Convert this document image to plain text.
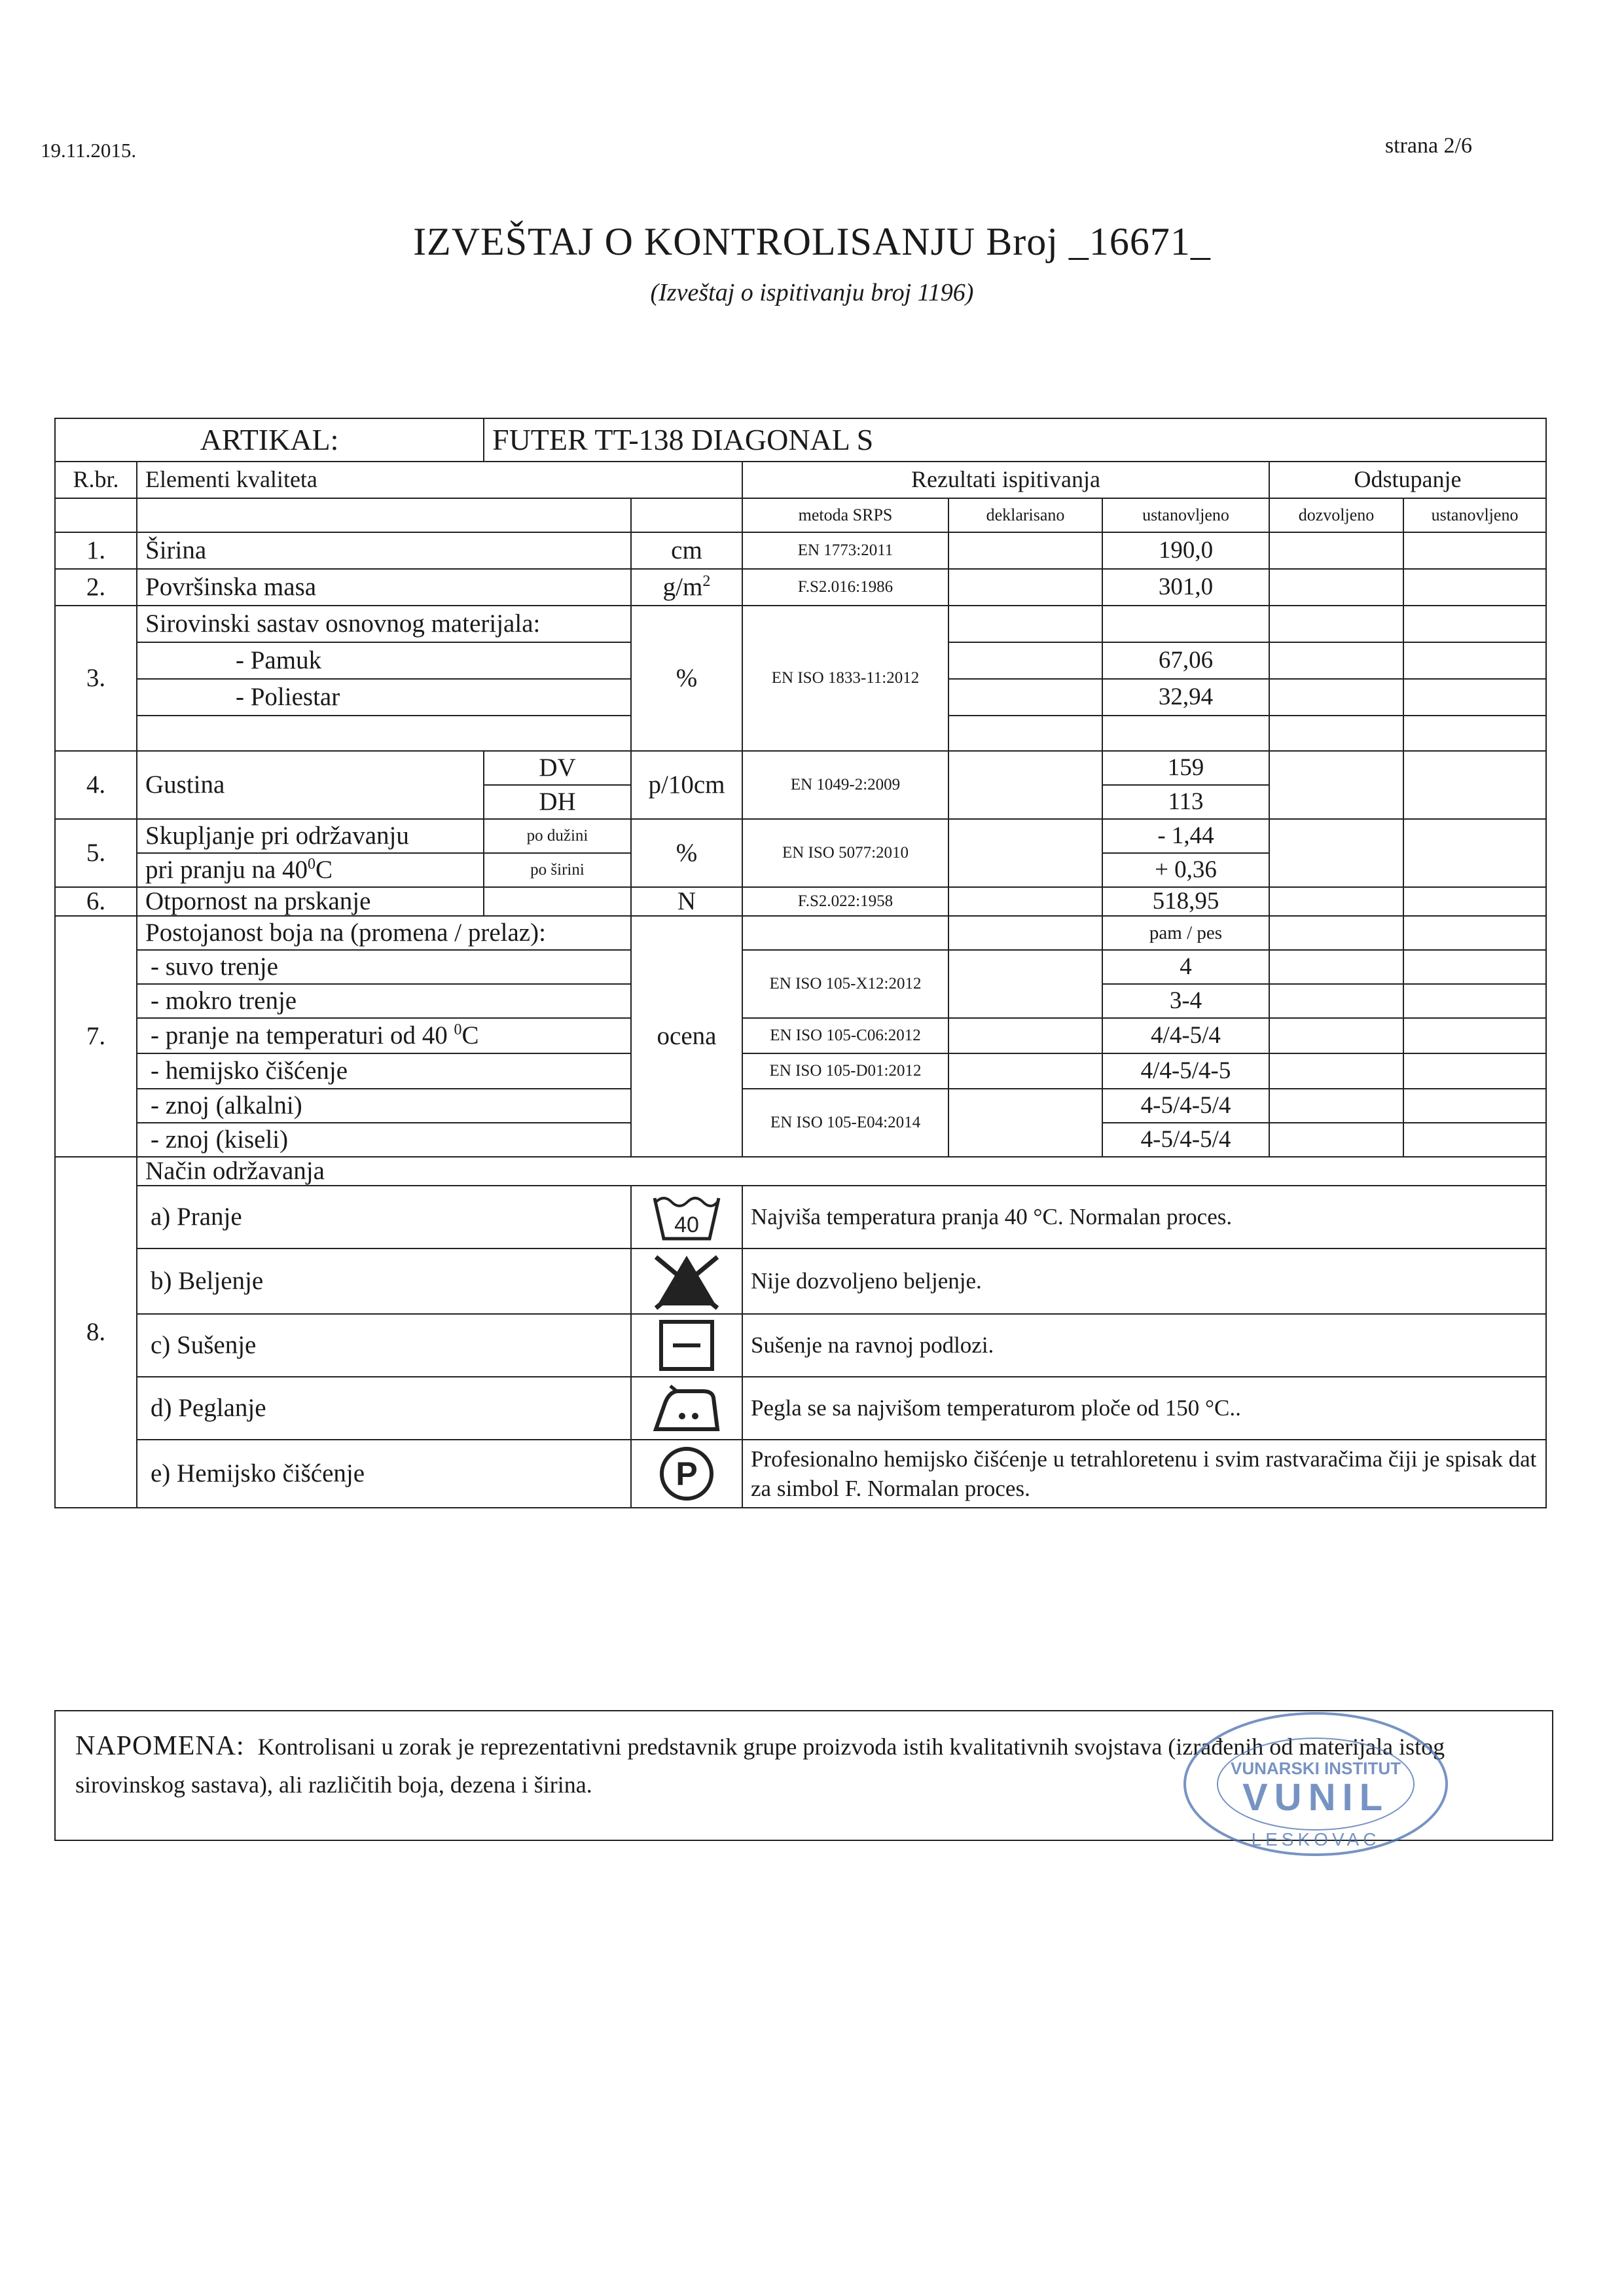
19.11.2015.	strana 2/6
IZVEŠTAJ O KONTROLISANJU Broj _16671_
(Izveštaj o ispitivanju broj 1196)
ARTIKAL:		FUTER TT-138 DIAGONAL S						
R.br.	Elementi kvaliteta			Rezultati ispitivanja			Odstupanje	
				metoda SRPS	deklarisano	ustanovljeno	dozvoljeno	ustanovljeno
1.	Širina		cm	EN 1773:2011		190,0		
2.	Površinska masa		$g/m^2$	F.S2.016:1986		301,0		
3.	Sirovinski sastav osnovnog materijala:		%	EN ISO 1833-11:2012				
	- Pamuk					67,06		
	- Poliestar					32,94		

4.	Gustina	DV	p/10cm	EN 1049-2:2009		159		
		DH				113		
5.	Skupljanje pri održavanju	po dužini	%	EN ISO 5077:2010		- 1,44		
	pri pranju na $40^0C$	po širini				+ 0,36		
6.	Otpornost na prskanje		N	F.S2.022:1958		518,95		
7.	Postojanost boja na (promena / prelaz):		ocena			pam / pes		
	- suvo trenje			EN ISO 105-X12:2012		4		
	- mokro trenje					3-4		
	- pranje na temperaturi od 40 $^0$C			EN ISO 105-C06:2012		4/4-5/4		
	- hemijsko čišćenje			EN ISO 105-D01:2012		4/4-5/4-5		
	- znoj (alkalni)			EN ISO 105-E04:2014		4-5/4-5/4		
	- znoj (kiseli)					4-5/4-5/4		
8.	Način održavanja							
	a) Pranje		40	Najviša temperatura pranja 40 °C. Normalan proces.				
	b) Beljenje			Nije dozvoljeno beljenje.				
	c) Sušenje			Sušenje na ravnoj podlozi.				
	d) Peglanje			Pegla se sa najvišom temperaturom ploče od 150 °C..				
	e) Hemijsko čišćenje		P	Profesionalno hemijsko čišćenje u tetrahloretenu i svim rastvaračima čiji je spisak dat za simbol F. Normalan proces.				
NAPOMENA: Kontrolisani u zorak je reprezentativni predstavnik grupe proizvoda istih kvalitativnih svojstava (izrađenih od materijala istog sirovinskog sastava), ali različitih boja, dezena i širina.
VUNARSKI INSTITUT
VUNIL
LESKOVAC
